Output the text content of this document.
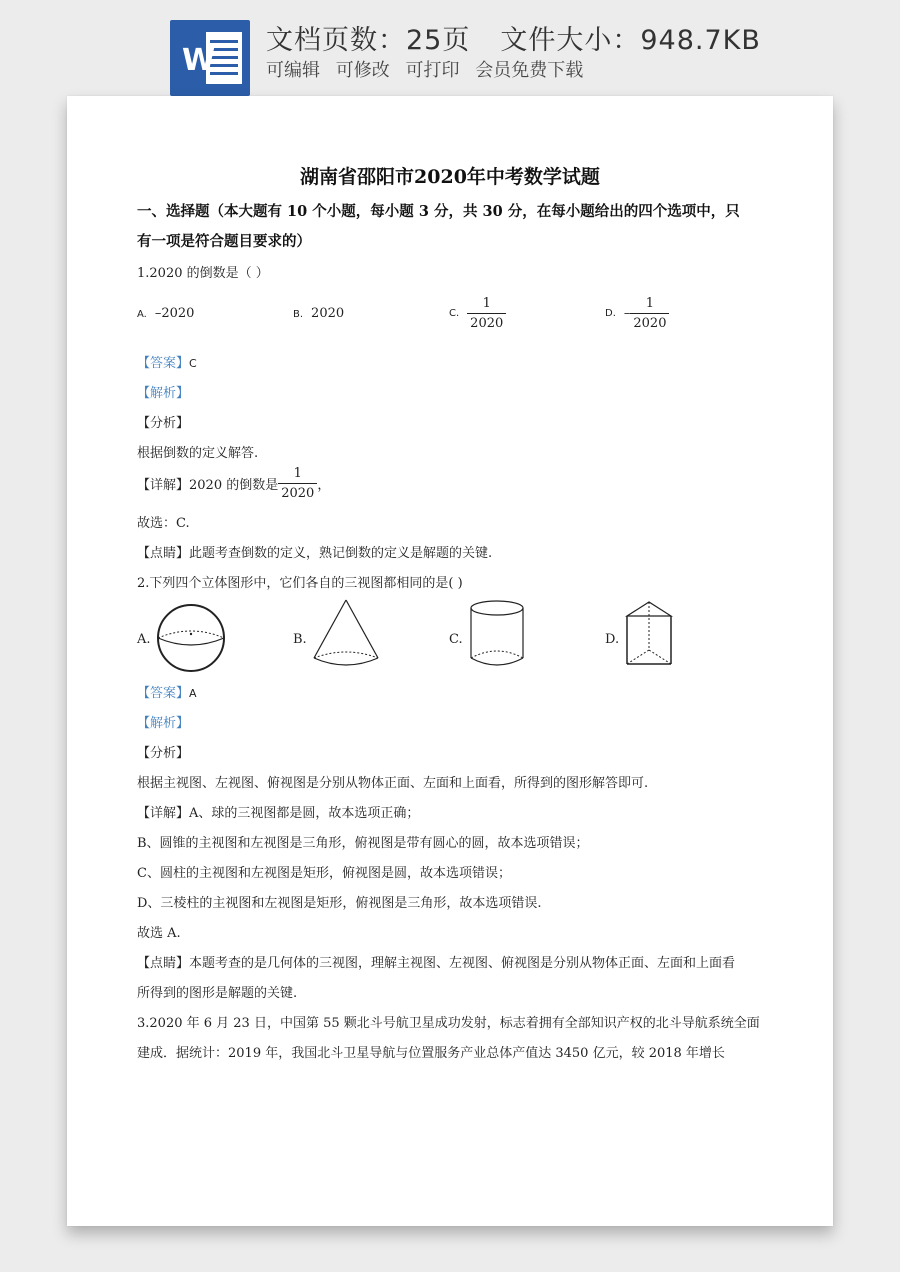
W
文档页数：25页 文件大小：948.7KB
可编辑 可修改 可打印 会员免费下载
湖南省邵阳市2020年中考数学试题
一、选择题（本大题有 10 个小题，每小题 3 分，共 30 分，在每小题给出的四个选项中，只
有一项是符合题目要求的）
1.2020 的倒数是（ ）
A. –2020	B. 2020	C. $\frac{1}{2020}$	D. – $\frac{1}{2020}$
【答案】C
【解析】
【分析】
根据倒数的定义解答.
【详解】2020 的倒数是 $\frac{1}{2020}$ ，
故选：C.
【点睛】此题考查倒数的定义，熟记倒数的定义是解题的关键.
2.下列四个立体图形中，它们各自的三视图都相同的是( )
A.	B.	C.	D.
【答案】A
【解析】
【分析】
根据主视图、左视图、俯视图是分别从物体正面、左面和上面看，所得到的图形解答即可.
【详解】A、球的三视图都是圆，故本选项正确；
B、圆锥的主视图和左视图是三角形，俯视图是带有圆心的圆，故本选项错误；
C、圆柱的主视图和左视图是矩形，俯视图是圆，故本选项错误；
D、三棱柱的主视图和左视图是矩形，俯视图是三角形，故本选项错误.
故选 A.
【点睛】本题考查的是几何体的三视图，理解主视图、左视图、俯视图是分别从物体正面、左面和上面看
所得到的图形是解题的关键.
3.2020 年 6 月 23 日，中国第 55 颗北斗号航卫星成功发射，标志着拥有全部知识产权的北斗导航系统全面
建成．据统计：2019 年，我国北斗卫星导航与位置服务产业总体产值达 3450 亿元，较 2018 年增长
